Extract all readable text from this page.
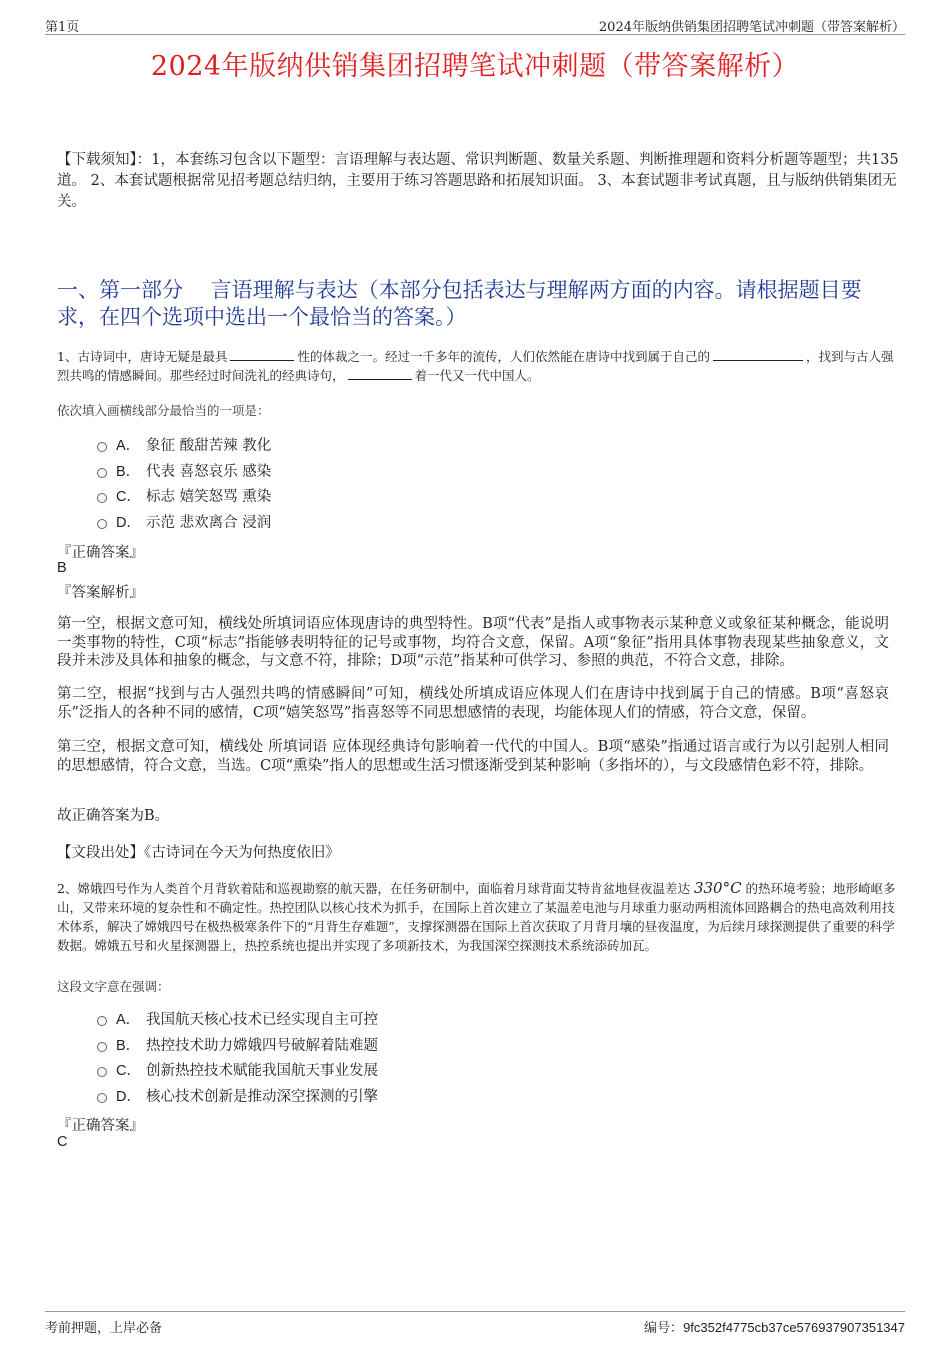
第1页	2024年版纳供销集团招聘笔试冲刺题（带答案解析）
2024年版纳供销集团招聘笔试冲刺题（带答案解析）
【下载须知】：1，本套练习包含以下题型：言语理解与表达题、常识判断题、数量关系题、判断推理题和资料分析题等题型；共135道。 2、本套试题根据常见招考题总结归纳，主要用于练习答题思路和拓展知识面。 3、本套试题非考试真题，且与版纳供销集团无关。
一、第一部分　 言语理解与表达（本部分包括表达与理解两方面的内容。请根据题目要求，在四个选项中选出一个最恰当的答案。）
1、古诗词中，唐诗无疑是最具	性的体裁之一。经过一千多年的流传，人们依然能在唐诗中找到属于自己的	，找到与古人强烈共鸣的情感瞬间。那些经过时间洗礼的经典诗句，	着一代又一代中国人。
依次填入画横线部分最恰当的一项是：
A． 象征 酸甜苦辣 教化
B． 代表 喜怒哀乐 感染
C． 标志 嬉笑怒骂 熏染
D． 示范 悲欢离合 浸润
『正确答案』
B
『答案解析』
第一空，根据文意可知，横线处所填词语应体现唐诗的典型特性。B项“代表”是指人或事物表示某种意义或象征某种概念，能说明一类事物的特性，C项“标志”指能够表明特征的记号或事物，均符合文意，保留。A项“象征”指用具体事物表现某些抽象意义，文段并未涉及具体和抽象的概念，与文意不符，排除；D项“示范”指某种可供学习、参照的典范，不符合文意，排除。
第二空，根据“找到与古人强烈共鸣的情感瞬间”可知，横线处所填成语应体现人们在唐诗中找到属于自己的情感。B项“喜怒哀乐”泛指人的各种不同的感情，C项“嬉笑怒骂”指喜怒等不同思想感情的表现，均能体现人们的情感，符合文意，保留。
第三空，根据文意可知，横线处 所填词语 应体现经典诗句影响着一代代的中国人。B项“感染”指通过语言或行为以引起别人相同的思想感情，符合文意，当选。C项“熏染”指人的思想或生活习惯逐渐受到某种影响（多指坏的），与文段感情色彩不符，排除。
故正确答案为B。
【文段出处】《古诗词在今天为何热度依旧》
2、嫦娥四号作为人类首个月背软着陆和巡视勘察的航天器，在任务研制中，面临着月球背面艾特肯盆地昼夜温差达 330°C 的热环境考验；地形崎岖多山，又带来环境的复杂性和不确定性。热控团队以核心技术为抓手，在国际上首次建立了某温差电池与月球重力驱动两相流体回路耦合的热电高效利用技术体系，解决了嫦娥四号在极热极寒条件下的“月背生存难题”，支撑探测器在国际上首次获取了月背月壤的昼夜温度，为后续月球探测提供了重要的科学数据。嫦娥五号和火星探测器上，热控系统也提出并实现了多项新技术，为我国深空探测技术系统添砖加瓦。
这段文字意在强调：
A． 我国航天核心技术已经实现自主可控
B． 热控技术助力嫦娥四号破解着陆难题
C． 创新热控技术赋能我国航天事业发展
D． 核心技术创新是推动深空探测的引擎
『正确答案』
C
考前押题，上岸必备	编号：9fc352f4775cb37ce576937907351347
